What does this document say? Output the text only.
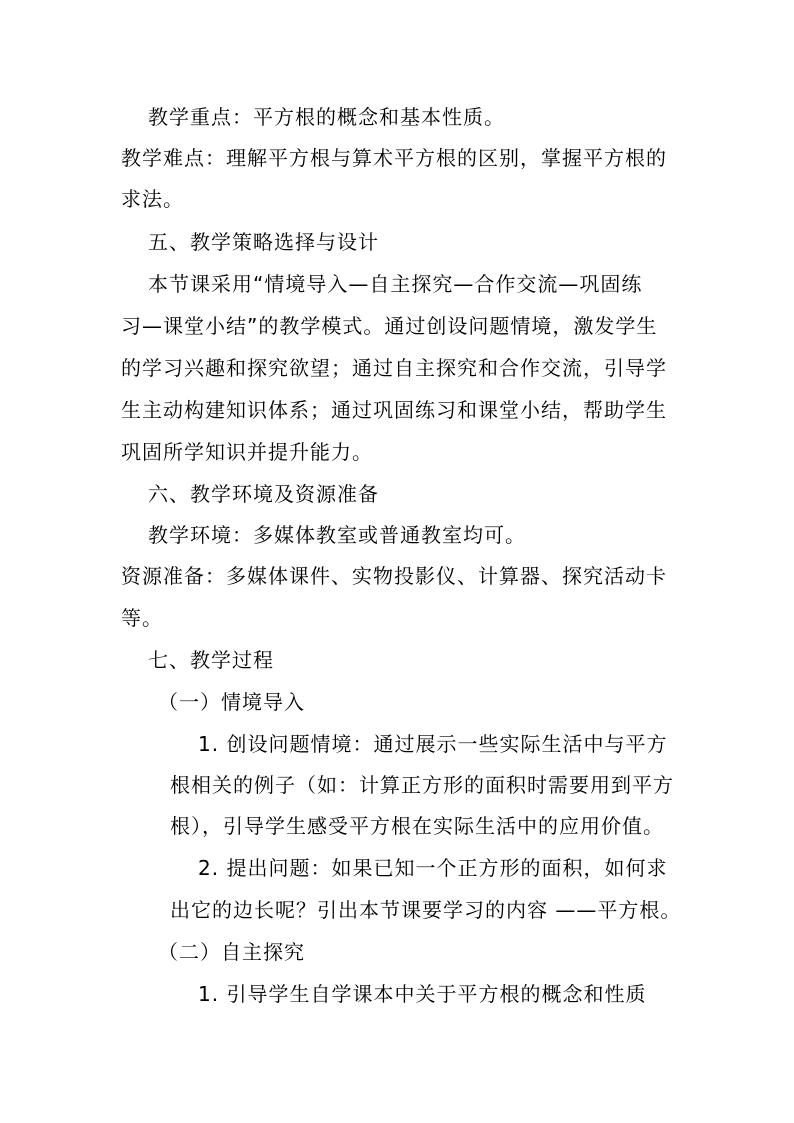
教学重点：平方根的概念和基本性质。
教学难点：理解平方根与算术平方根的区别，掌握平方根的
求法。
五、教学策略选择与设计
本节课采用“情境导入—自主探究—合作交流—巩固练
习—课堂小结”的教学模式。通过创设问题情境，激发学生
的学习兴趣和探究欲望；通过自主探究和合作交流，引导学
生主动构建知识体系；通过巩固练习和课堂小结，帮助学生
巩固所学知识并提升能力。
六、教学环境及资源准备
教学环境：多媒体教室或普通教室均可。
资源准备：多媒体课件、实物投影仪、计算器、探究活动卡
等。
七、教学过程
（一）情境导入
1. 创设问题情境：通过展示一些实际生活中与平方
根相关的例子（如：计算正方形的面积时需要用到平方
根），引导学生感受平方根在实际生活中的应用价值。
2. 提出问题：如果已知一个正方形的面积，如何求
出它的边长呢？引出本节课要学习的内容 ——平方根。
（二）自主探究
1. 引导学生自学课本中关于平方根的概念和性质
